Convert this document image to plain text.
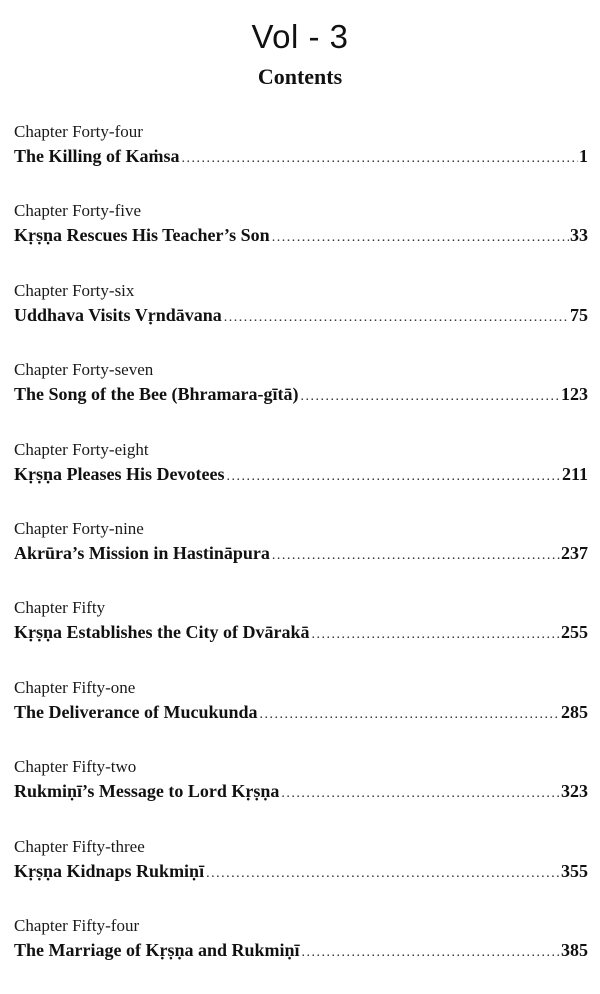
Vol - 3
Contents
Chapter Forty-four
The Killing of Kaṁsa .....	1
Chapter Forty-five
Kṛṣṇa Rescues His Teacher’s Son .....	33
Chapter Forty-six
Uddhava Visits Vṛndāvana .....	75
Chapter Forty-seven
The Song of the Bee (Bhramara-gītā) .....	123
Chapter Forty-eight
Kṛṣṇa Pleases His Devotees .....	211
Chapter Forty-nine
Akrūra’s Mission in Hastināpura .....	237
Chapter Fifty
Kṛṣṇa Establishes the City of Dvārakā .....	255
Chapter Fifty-one
The Deliverance of Mucukunda .....	285
Chapter Fifty-two
Rukmiṇī’s Message to Lord Kṛṣṇa .....	323
Chapter Fifty-three
Kṛṣṇa Kidnaps Rukmiṇī .....	355
Chapter Fifty-four
The Marriage of Kṛṣṇa and Rukmiṇī .....	385
